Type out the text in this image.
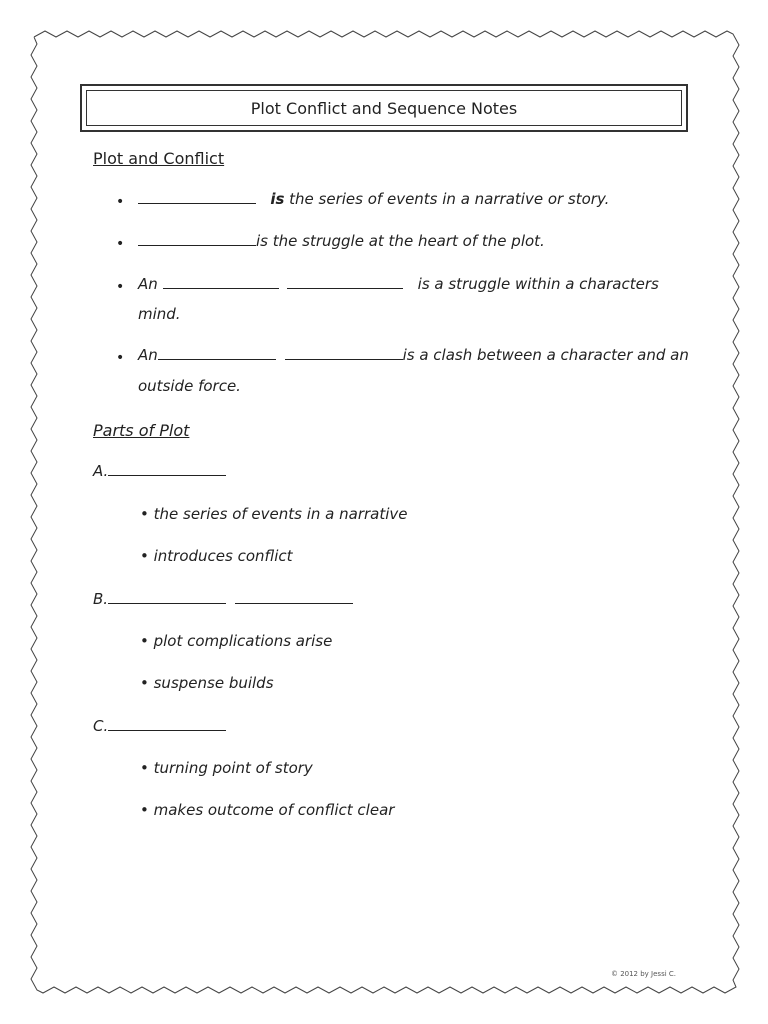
Plot Conflict and Sequence Notes
Plot and Conflict
•	is the series of events in a narrative or story.
•	is the struggle at the heart of the plot.
• An	is a struggle within a characters
mind.
• An	is a clash between a character and an
outside force.
Parts of Plot
A.
• the series of events in a narrative
• introduces conflict
B.
• plot complications arise
• suspense builds
C.
• turning point of story
• makes outcome of conflict clear
© 2012 by Jessi C.
